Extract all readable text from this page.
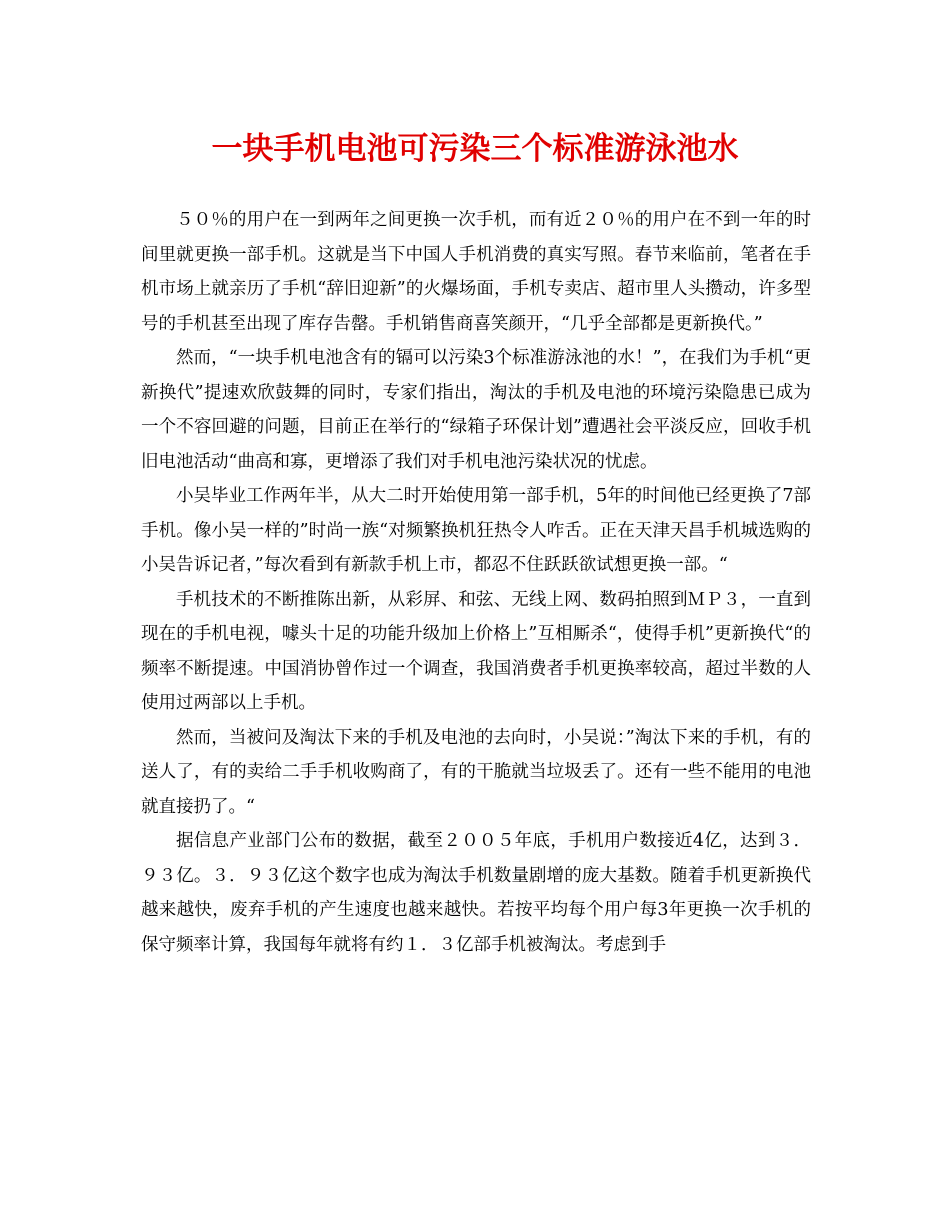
一块手机电池可污染三个标准游泳池水

５０％的用户在一到两年之间更换一次手机，而有近２０％的用户在不到一年的时间里就更换一部手机。这就是当下中国人手机消费的真实写照。春节来临前，笔者在手机市场上就亲历了手机“辞旧迎新”的火爆场面，手机专卖店、超市里人头攒动，许多型号的手机甚至出现了库存告罄。手机销售商喜笑颜开，“几乎全部都是更新换代。”

然而，“一块手机电池含有的镉可以污染3个标准游泳池的水！”，在我们为手机“更新换代”提速欢欣鼓舞的同时，专家们指出，淘汰的手机及电池的环境污染隐患已成为一个不容回避的问题，目前正在举行的“绿箱子环保计划”遭遇社会平淡反应，回收手机旧电池活动“曲高和寡，更增添了我们对手机电池污染状况的忧虑。

小吴毕业工作两年半，从大二时开始使用第一部手机，5年的时间他已经更换了7部手机。像小吴一样的”时尚一族“对频繁换机狂热令人咋舌。正在天津天昌手机城选购的小吴告诉记者，”每次看到有新款手机上市，都忍不住跃跃欲试想更换一部。“

手机技术的不断推陈出新，从彩屏、和弦、无线上网、数码拍照到ＭＰ３，一直到现在的手机电视，噱头十足的功能升级加上价格上”互相厮杀“，使得手机”更新换代“的频率不断提速。中国消协曾作过一个调查，我国消费者手机更换率较高，超过半数的人使用过两部以上手机。

然而，当被问及淘汰下来的手机及电池的去向时，小吴说：”淘汰下来的手机，有的送人了，有的卖给二手手机收购商了，有的干脆就当垃圾丢了。还有一些不能用的电池就直接扔了。“

据信息产业部门公布的数据，截至２００５年底，手机用户数接近4亿，达到３．９３亿。３．９３亿这个数字也成为淘汰手机数量剧增的庞大基数。随着手机更新换代越来越快，废弃手机的产生速度也越来越快。若按平均每个用户每3年更换一次手机的保守频率计算，我国每年就将有约１．３亿部手机被淘汰。考虑到手
